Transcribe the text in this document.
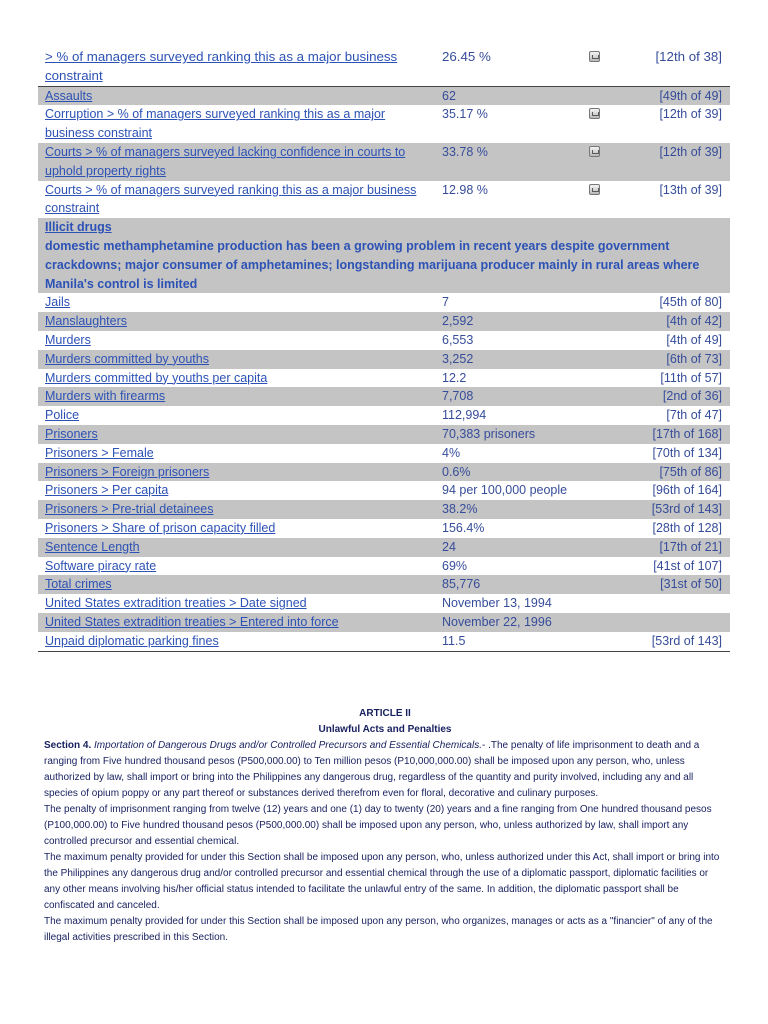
> % of managers surveyed ranking this as a major business constraint	26.45 %		[12th of 38]
Assaults	62		[49th of 49]
Corruption > % of managers surveyed ranking this as a major business constraint	35.17 %		[12th of 39]
Courts > % of managers surveyed lacking confidence in courts to uphold property rights	33.78 %		[12th of 39]
Courts > % of managers surveyed ranking this as a major business constraint	12.98 %		[13th of 39]

Illicit drugs
domestic methamphetamine production has been a growing problem in recent years despite government crackdowns; major consumer of amphetamines; longstanding marijuana producer mainly in rural areas where Manila's control is limited			

Jails	7		[45th of 80]
Manslaughters	2,592		[4th of 42]
Murders	6,553		[4th of 49]
Murders committed by youths	3,252		[6th of 73]
Murders committed by youths per capita	12.2		[11th of 57]
Murders with firearms	7,708		[2nd of 36]
Police	112,994		[7th of 47]
Prisoners	70,383 prisoners		[17th of 168]
Prisoners > Female	4%		[70th of 134]
Prisoners > Foreign prisoners	0.6%		[75th of 86]
Prisoners > Per capita	94 per 100,000 people		[96th of 164]
Prisoners > Pre-trial detainees	38.2%		[53rd of 143]
Prisoners > Share of prison capacity filled	156.4%		[28th of 128]
Sentence Length	24		[17th of 21]
Software piracy rate	69%		[41st of 107]
Total crimes	85,776		[31st of 50]
United States extradition treaties > Date signed	November 13, 1994		
United States extradition treaties > Entered into force	November 22, 1996		
Unpaid diplomatic parking fines	11.5		[53rd of 143]
ARTICLE II
Unlawful Acts and Penalties

Section 4. Importation of Dangerous Drugs and/or Controlled Precursors and Essential Chemicals.- .The penalty of life imprisonment to death and a ranging from Five hundred thousand pesos (P500,000.00) to Ten million pesos (P10,000,000.00) shall be imposed upon any person, who, unless authorized by law, shall import or bring into the Philippines any dangerous drug, regardless of the quantity and purity involved, including any and all species of opium poppy or any part thereof or substances derived therefrom even for floral, decorative and culinary purposes.

The penalty of imprisonment ranging from twelve (12) years and one (1) day to twenty (20) years and a fine ranging from One hundred thousand pesos (P100,000.00) to Five hundred thousand pesos (P500,000.00) shall be imposed upon any person, who, unless authorized by law, shall import any controlled precursor and essential chemical.

The maximum penalty provided for under this Section shall be imposed upon any person, who, unless authorized under this Act, shall import or bring into the Philippines any dangerous drug and/or controlled precursor and essential chemical through the use of a diplomatic passport, diplomatic facilities or any other means involving his/her official status intended to facilitate the unlawful entry of the same. In addition, the diplomatic passport shall be confiscated and canceled.

The maximum penalty provided for under this Section shall be imposed upon any person, who organizes, manages or acts as a "financier" of any of the illegal activities prescribed in this Section.
